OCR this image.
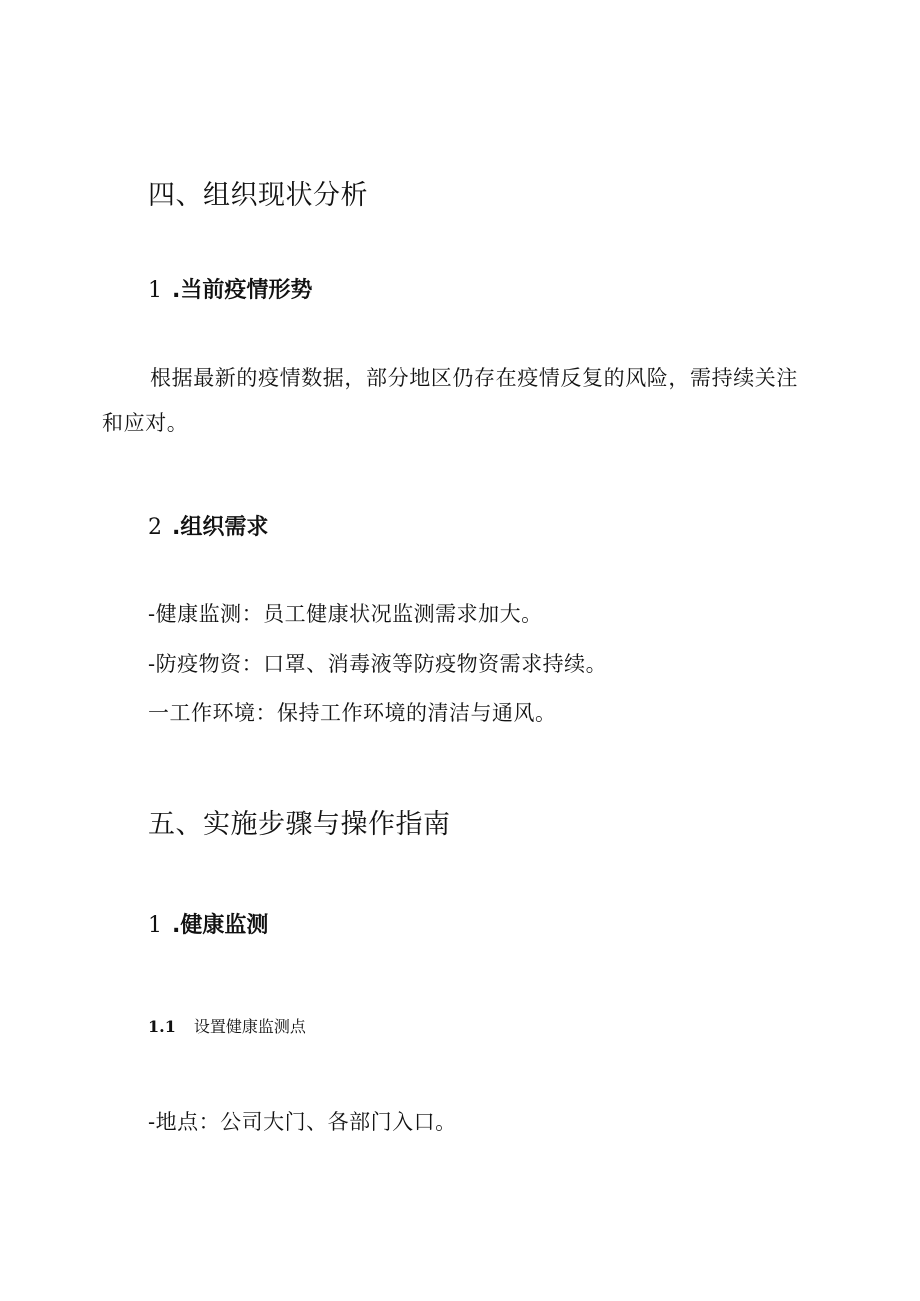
四、组织现状分析
1 .当前疫情形势
根据最新的疫情数据，部分地区仍存在疫情反复的风险，需持续关注和应对。
2 .组织需求
-健康监测：员工健康状况监测需求加大。
-防疫物资：口罩、消毒液等防疫物资需求持续。
一工作环境：保持工作环境的清洁与通风。
五、实施步骤与操作指南
1 .健康监测
1.1 设置健康监测点
-地点：公司大门、各部门入口。
